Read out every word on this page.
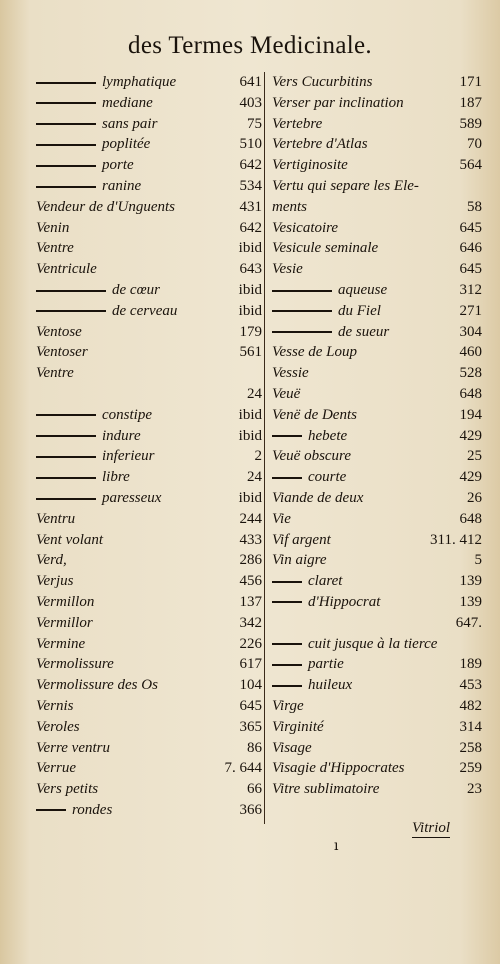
des Termes Medicinale.
lymphatique	641
mediane	403
sans pair	75
poplitée	510
porte	642
ranine	534
Vendeur de d'Unguents	431
Venin	642
Ventre	ibid
Ventricule	643
de cœur	ibid
de cerveau	ibid
Ventose	179
Ventoser	561
Ventre
24
constipe	ibid
indure	ibid
inferieur	2
libre	24
paresseux	ibid
Ventru	244
Vent volant	433
Verd,	286
Verjus	456
Vermillon	137
Vermillor	342
Vermine	226
Vermolissure	617
Vermolissure des Os	104
Vernis	645
Veroles	365
Verre ventru	86
Verrue	7. 644
Vers petits	66
rondes	366
Vers Cucurbitins	171
Verser par inclination	187
Vertebre	589
Vertebre d'Atlas	70
Vertiginosite	564
Vertu qui separe les Ele-
ments	58
Vesicatoire	645
Vesicule seminale	646
Vesie	645
aqueuse	312
du Fiel	271
de sueur	304
Vesse de Loup	460
Vessie	528
Veuë	648
Venë de Dents	194
hebete	429
Veuë obscure	25
courte	429
Viande de deux	26
Vie	648
Vif argent	311. 412
Vin aigre	5
claret	139
d'Hippocrat	139
647.
cuit jusque à la tierce
partie	189
huileux	453
Virge	482
Virginité	314
Visage	258
Visagie d'Hippocrates	259
Vitre sublimatoire	23
Vitriol
ı
